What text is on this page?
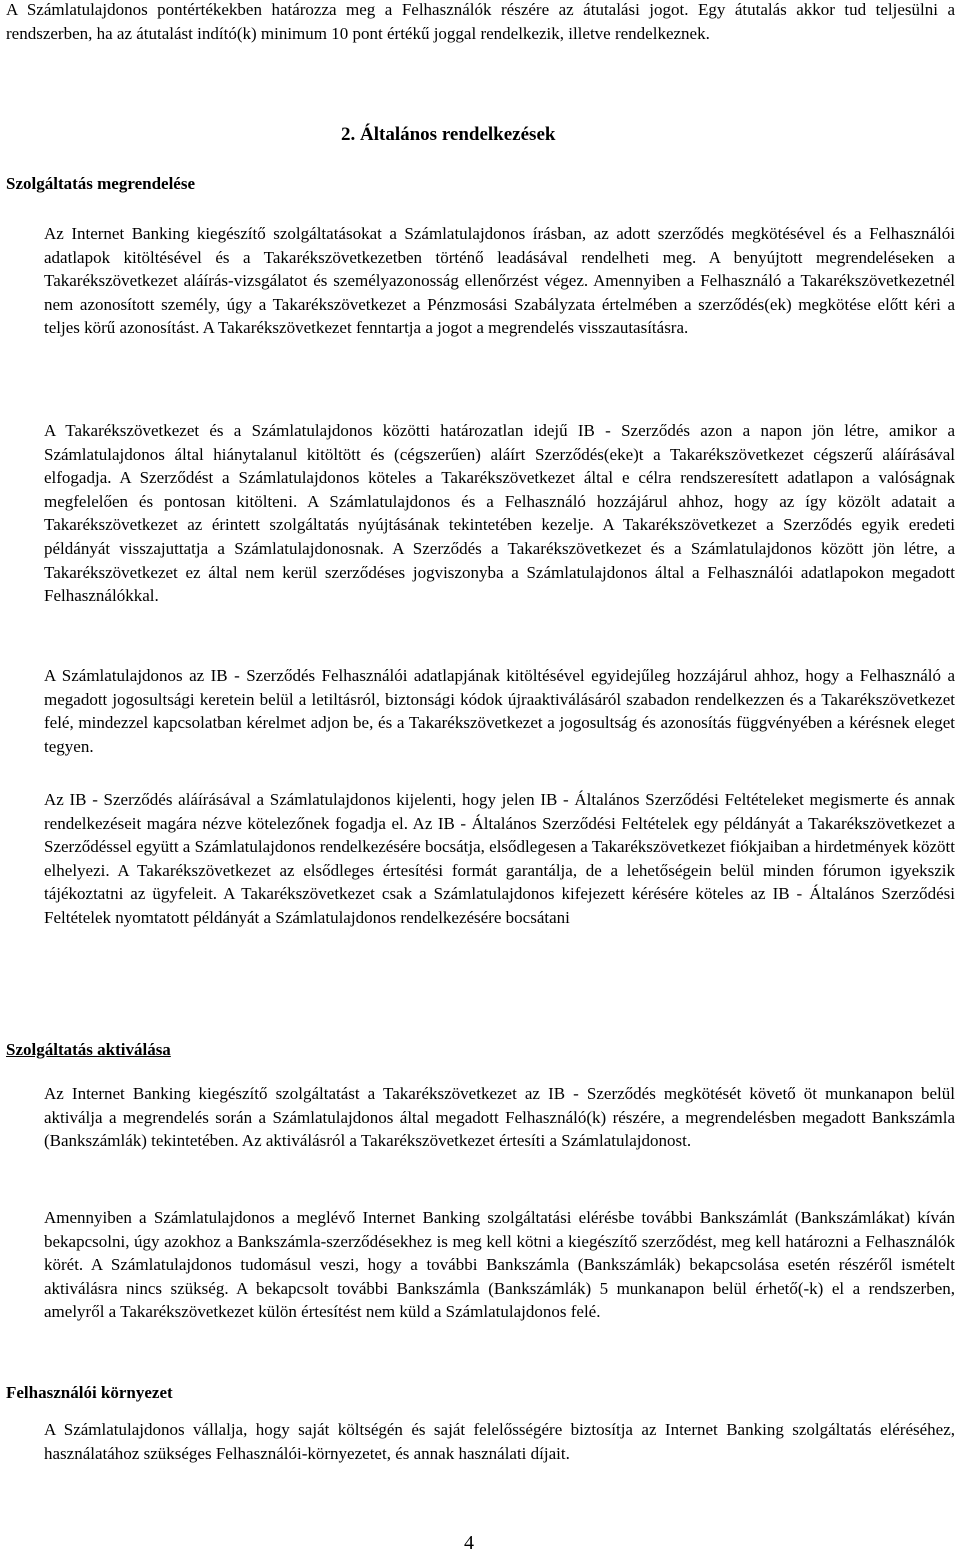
A Számlatulajdonos pontértékekben határozza meg a Felhasználók részére az átutalási jogot. Egy átutalás akkor tud teljesülni a rendszerben, ha az átutalást indító(k) minimum 10 pont értékű joggal rendelkezik, illetve rendelkeznek.

2. Általános rendelkezések
Szolgáltatás megrendelése

Az Internet Banking kiegészítő szolgáltatásokat a Számlatulajdonos írásban, az adott szerződés megkötésével és a Felhasználói adatlapok kitöltésével és a Takarékszövetkezetben történő leadásával rendelheti meg. A benyújtott megrendeléseken a Takarékszövetkezet aláírás-vizsgálatot és személyazonosság ellenőrzést végez. Amennyiben a Felhasználó a Takarékszövetkezetnél nem azonosított személy, úgy a Takarékszövetkezet a Pénzmosási Szabályzata értelmében a szerződés(ek) megkötése előtt kéri a teljes körű azonosítást. A Takarékszövetkezet fenntartja a jogot a megrendelés visszautasításra.

A Takarékszövetkezet és a Számlatulajdonos közötti határozatlan idejű IB - Szerződés azon a napon jön létre, amikor a Számlatulajdonos által hiánytalanul kitöltött és (cégszerűen) aláírt Szerződés(eke)t a Takarékszövetkezet cégszerű aláírásával elfogadja. A Szerződést a Számlatulajdonos köteles a Takarékszövetkezet által e célra rendszeresített adatlapon a valóságnak megfelelően és pontosan kitölteni. A Számlatulajdonos és a Felhasználó hozzájárul ahhoz, hogy az így közölt adatait a Takarékszövetkezet az érintett szolgáltatás nyújtásának tekintetében kezelje. A Takarékszövetkezet a Szerződés egyik eredeti példányát visszajuttatja a Számlatulajdonosnak. A Szerződés a Takarékszövetkezet és a Számlatulajdonos között jön létre, a Takarékszövetkezet ez által nem kerül szerződéses jogviszonyba a Számlatulajdonos által a Felhasználói adatlapokon megadott Felhasználókkal.

A Számlatulajdonos az IB - Szerződés Felhasználói adatlapjának kitöltésével egyidejűleg hozzájárul ahhoz, hogy a Felhasználó a megadott jogosultsági keretein belül a letiltásról, biztonsági kódok újraaktiválásáról szabadon rendelkezzen és a Takarékszövetkezet felé, mindezzel kapcsolatban kérelmet adjon be, és a Takarékszövetkezet a jogosultság és azonosítás függvényében a kérésnek eleget tegyen.

Az IB - Szerződés aláírásával a Számlatulajdonos kijelenti, hogy jelen IB - Általános Szerződési Feltételeket megismerte és annak rendelkezéseit magára nézve kötelezőnek fogadja el. Az IB - Általános Szerződési Feltételek egy példányát a Takarékszövetkezet a Szerződéssel együtt a Számlatulajdonos rendelkezésére bocsátja, elsődlegesen a Takarékszövetkezet fiókjaiban a hirdetmények között elhelyezi. A Takarékszövetkezet az elsődleges értesítési formát garantálja, de a lehetőségein belül minden fórumon igyekszik tájékoztatni az ügyfeleit. A Takarékszövetkezet csak a Számlatulajdonos kifejezett kérésére köteles az IB - Általános Szerződési Feltételek nyomtatott példányát a Számlatulajdonos rendelkezésére bocsátani

Szolgáltatás aktiválása

Az Internet Banking kiegészítő szolgáltatást a Takarékszövetkezet az IB - Szerződés megkötését követő öt munkanapon belül aktiválja a megrendelés során a Számlatulajdonos által megadott Felhasználó(k) részére, a megrendelésben megadott Bankszámla (Bankszámlák) tekintetében. Az aktiválásról a Takarékszövetkezet értesíti a Számlatulajdonost.

Amennyiben a Számlatulajdonos a meglévő Internet Banking szolgáltatási elérésbe további Bankszámlát (Bankszámlákat) kíván bekapcsolni, úgy azokhoz a Bankszámla-szerződésekhez is meg kell kötni a kiegészítő szerződést, meg kell határozni a Felhasználók körét. A Számlatulajdonos tudomásul veszi, hogy a további Bankszámla (Bankszámlák) bekapcsolása esetén részéről ismételt aktiválásra nincs szükség. A bekapcsolt további Bankszámla (Bankszámlák) 5 munkanapon belül érhető(-k) el a rendszerben, amelyről a Takarékszövetkezet külön értesítést nem küld a Számlatulajdonos felé.

Felhasználói környezet

A Számlatulajdonos vállalja, hogy saját költségén és saját felelősségére biztosítja az Internet Banking szolgáltatás eléréséhez, használatához szükséges Felhasználói-környezetet, és annak használati díjait.

4
